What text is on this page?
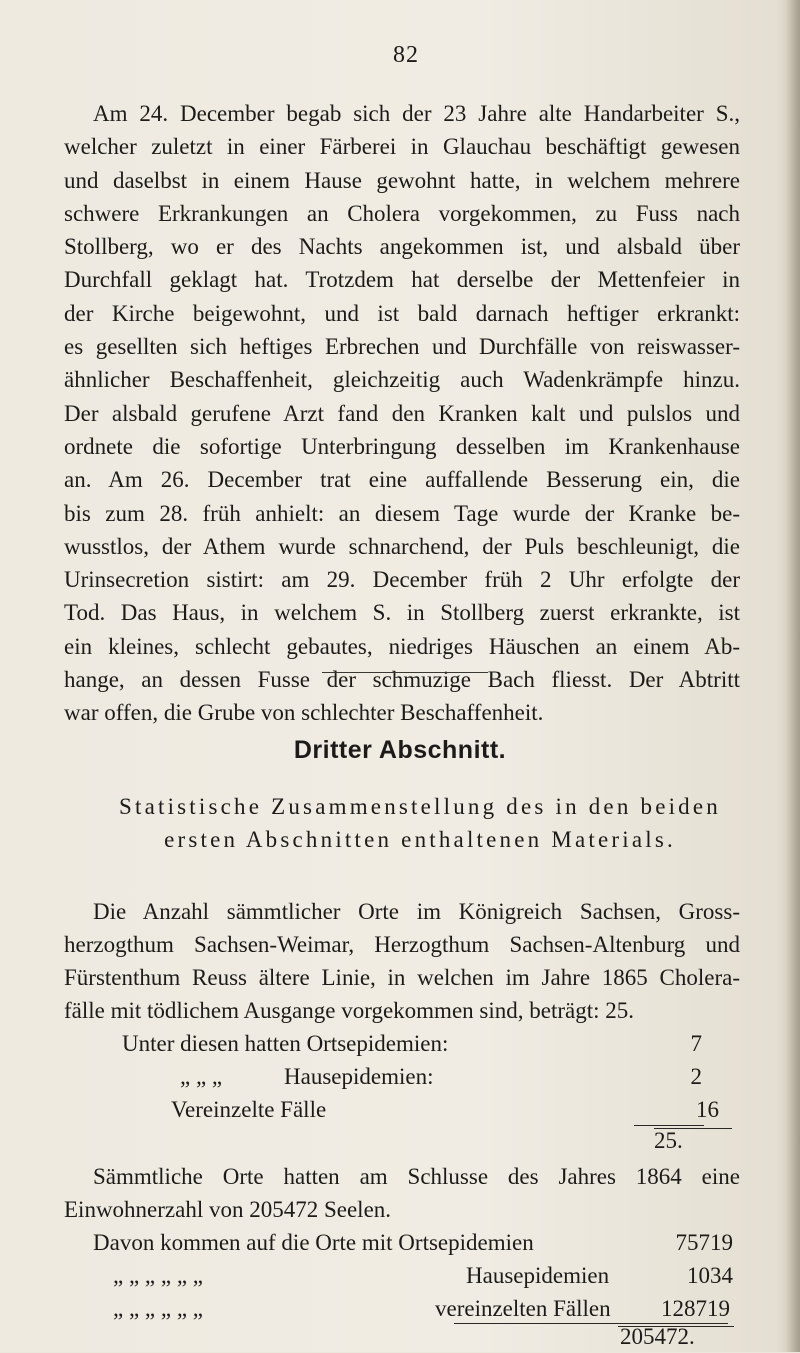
82
Am 24. December begab sich der 23 Jahre alte Handarbeiter S.,
welcher zuletzt in einer Färberei in Glauchau beschäftigt gewesen
und daselbst in einem Hause gewohnt hatte, in welchem mehrere
schwere Erkrankungen an Cholera vorgekommen, zu Fuss nach
Stollberg, wo er des Nachts angekommen ist, und alsbald über
Durchfall geklagt hat. Trotzdem hat derselbe der Mettenfeier in
der Kirche beigewohnt, und ist bald darnach heftiger erkrankt:
es gesellten sich heftiges Erbrechen und Durchfälle von reiswasser-
ähnlicher Beschaffenheit, gleichzeitig auch Wadenkrämpfe hinzu.
Der alsbald gerufene Arzt fand den Kranken kalt und pulslos und
ordnete die sofortige Unterbringung desselben im Krankenhause
an. Am 26. December trat eine auffallende Besserung ein, die
bis zum 28. früh anhielt: an diesem Tage wurde der Kranke be-
wusstlos, der Athem wurde schnarchend, der Puls beschleunigt, die
Urinsecretion sistirt: am 29. December früh 2 Uhr erfolgte der
Tod. Das Haus, in welchem S. in Stollberg zuerst erkrankte, ist
ein kleines, schlecht gebautes, niedriges Häuschen an einem Ab-
hange, an dessen Fusse der schmuzige Bach fliesst. Der Abtritt
war offen, die Grube von schlechter Beschaffenheit.
Dritter Abschnitt.
Statistische Zusammenstellung des in den beiden
ersten Abschnitten enthaltenen Materials.
Die Anzahl sämmtlicher Orte im Königreich Sachsen, Gross-
herzogthum Sachsen-Weimar, Herzogthum Sachsen-Altenburg und
Fürstenthum Reuss ältere Linie, in welchen im Jahre 1865 Cholera-
fälle mit tödlichem Ausgange vorgekommen sind, beträgt: 25.
Unter diesen hatten Ortsepidemien:	7
„ „ „	Hausepidemien:	2
Vereinzelte Fälle	16
25.
Sämmtliche Orte hatten am Schlusse des Jahres 1864 eine
Einwohnerzahl von 205472 Seelen.
Davon kommen auf die Orte mit Ortsepidemien	75719
„ „ „ „ „ „	Hausepidemien	1034
„ „ „ „ „ „	vereinzelten Fällen	128719
205472.
